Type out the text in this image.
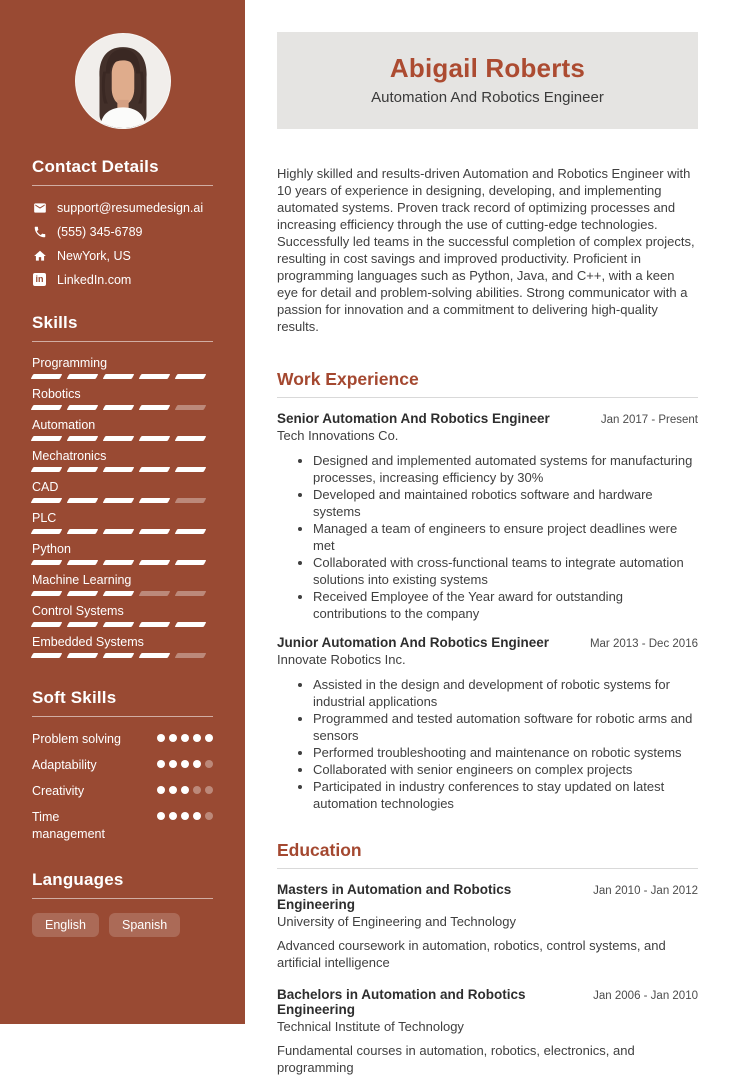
Contact Details
support@resumedesign.ai
(555) 345-6789
NewYork, US
in LinkedIn.com
Skills
Programming
Robotics
Automation
Mechatronics
CAD
PLC
Python
Machine Learning
Control Systems
Embedded Systems
Soft Skills
Problem solving
Adaptability
Creativity
Time management
Languages
English	Spanish
Abigail Roberts
Automation And Robotics Engineer

Highly skilled and results-driven Automation and Robotics Engineer with 10 years of experience in designing, developing, and implementing automated systems. Proven track record of optimizing processes and increasing efficiency through the use of cutting-edge technologies. Successfully led teams in the successful completion of complex projects, resulting in cost savings and improved productivity. Proficient in programming languages such as Python, Java, and C++, with a keen eye for detail and problem-solving abilities. Strong communicator with a passion for innovation and a commitment to delivering high-quality results.

Work Experience
Senior Automation And Robotics Engineer	Jan 2017 - Present
Tech Innovations Co.
• Designed and implemented automated systems for manufacturing processes, increasing efficiency by 30%
• Developed and maintained robotics software and hardware systems
• Managed a team of engineers to ensure project deadlines were met
• Collaborated with cross-functional teams to integrate automation solutions into existing systems
• Received Employee of the Year award for outstanding contributions to the company
Junior Automation And Robotics Engineer	Mar 2013 - Dec 2016
Innovate Robotics Inc.
• Assisted in the design and development of robotic systems for industrial applications
• Programmed and tested automation software for robotic arms and sensors
• Performed troubleshooting and maintenance on robotic systems
• Collaborated with senior engineers on complex projects
• Participated in industry conferences to stay updated on latest automation technologies
Education
Masters in Automation and Robotics Engineering
Jan 2010 - Jan 2012
University of Engineering and Technology
Advanced coursework in automation, robotics, control systems, and artificial intelligence
Bachelors in Automation and Robotics Engineering
Jan 2006 - Jan 2010
Technical Institute of Technology
Fundamental courses in automation, robotics, electronics, and programming
